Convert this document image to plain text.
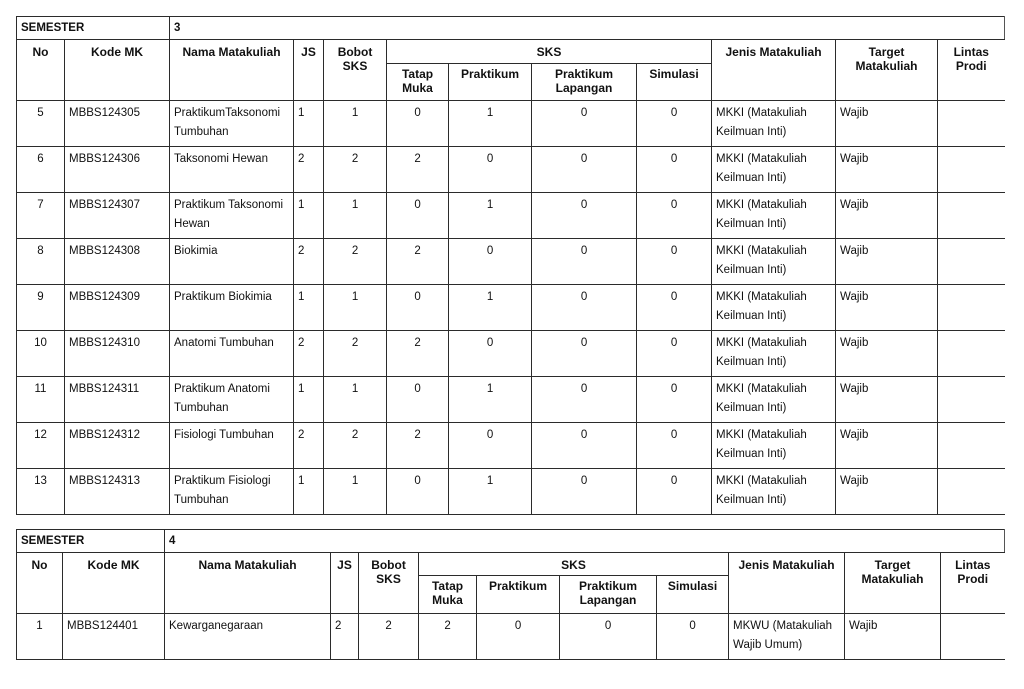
SEMESTER		3									
No	Kode MK	Nama Matakuliah	JS	Bobot SKS	SKS				Jenis Matakuliah	Target Matakuliah	Lintas Prodi
					Tatap Muka	Praktikum	Praktikum Lapangan	Simulasi			
5	MBBS124305	PraktikumTaksonomi Tumbuhan	1	1	0	1	0	0	MKKI (Matakuliah Keilmuan Inti)	Wajib	
6	MBBS124306	Taksonomi Hewan	2	2	2	0	0	0	MKKI (Matakuliah Keilmuan Inti)	Wajib	
7	MBBS124307	Praktikum Taksonomi Hewan	1	1	0	1	0	0	MKKI (Matakuliah Keilmuan Inti)	Wajib	
8	MBBS124308	Biokimia	2	2	2	0	0	0	MKKI (Matakuliah Keilmuan Inti)	Wajib	
9	MBBS124309	Praktikum Biokimia	1	1	0	1	0	0	MKKI (Matakuliah Keilmuan Inti)	Wajib	
10	MBBS124310	Anatomi Tumbuhan	2	2	2	0	0	0	MKKI (Matakuliah Keilmuan Inti)	Wajib	
11	MBBS124311	Praktikum Anatomi Tumbuhan	1	1	0	1	0	0	MKKI (Matakuliah Keilmuan Inti)	Wajib	
12	MBBS124312	Fisiologi Tumbuhan	2	2	2	0	0	0	MKKI (Matakuliah Keilmuan Inti)	Wajib	
13	MBBS124313	Praktikum Fisiologi Tumbuhan	1	1	0	1	0	0	MKKI (Matakuliah Keilmuan Inti)	Wajib	
SEMESTER		4									
No	Kode MK	Nama Matakuliah	JS	Bobot SKS	SKS				Jenis Matakuliah	Target Matakuliah	Lintas Prodi
					Tatap Muka	Praktikum	Praktikum Lapangan	Simulasi			
1	MBBS124401	Kewarganegaraan	2	2	2	0	0	0	MKWU (Matakuliah Wajib Umum)	Wajib	
